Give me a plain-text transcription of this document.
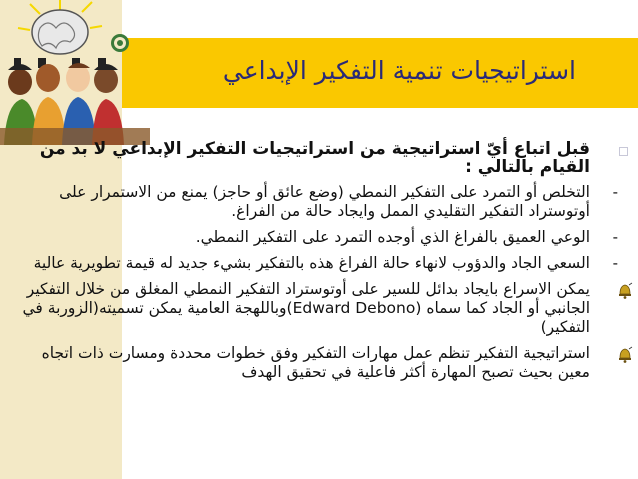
استراتيجيات تنمية التفكير الإبداعي

قبل اتباع أيّ استراتيجية من استراتيجيات التفكير الإبداعي لا بد من القيام بالتالي :

-

التخلص أو التمرد على التفكير النمطي (وضع عائق أو حاجز) يمنع من الاستمرار على أوتوستراد التفكير التقليدي الممل وايجاد حالة من الفراغ.

-

الوعي العميق بالفراغ الذي أوجده التمرد على التفكير النمطي.

-

السعي الجاد والدؤوب لانهاء حالة الفراغ هذه بالتفكير بشيء جديد له قيمة تطويرية عالية

يمكن الاسراع بايجاد بدائل للسير على أوتوستراد التفكير النمطي المغلق من خلال التفكير الجانبي أو الجاد كما سماه (Edward Debono)وباللهجة العامية يمكن تسميته(الزوربة في التفكير)

استراتيجية التفكير تنظم عمل مهارات التفكير وفق خطوات محددة ومسارت ذات اتجاه معين بحيث تصبح المهارة أكثر فاعلية في تحقيق الهدف
